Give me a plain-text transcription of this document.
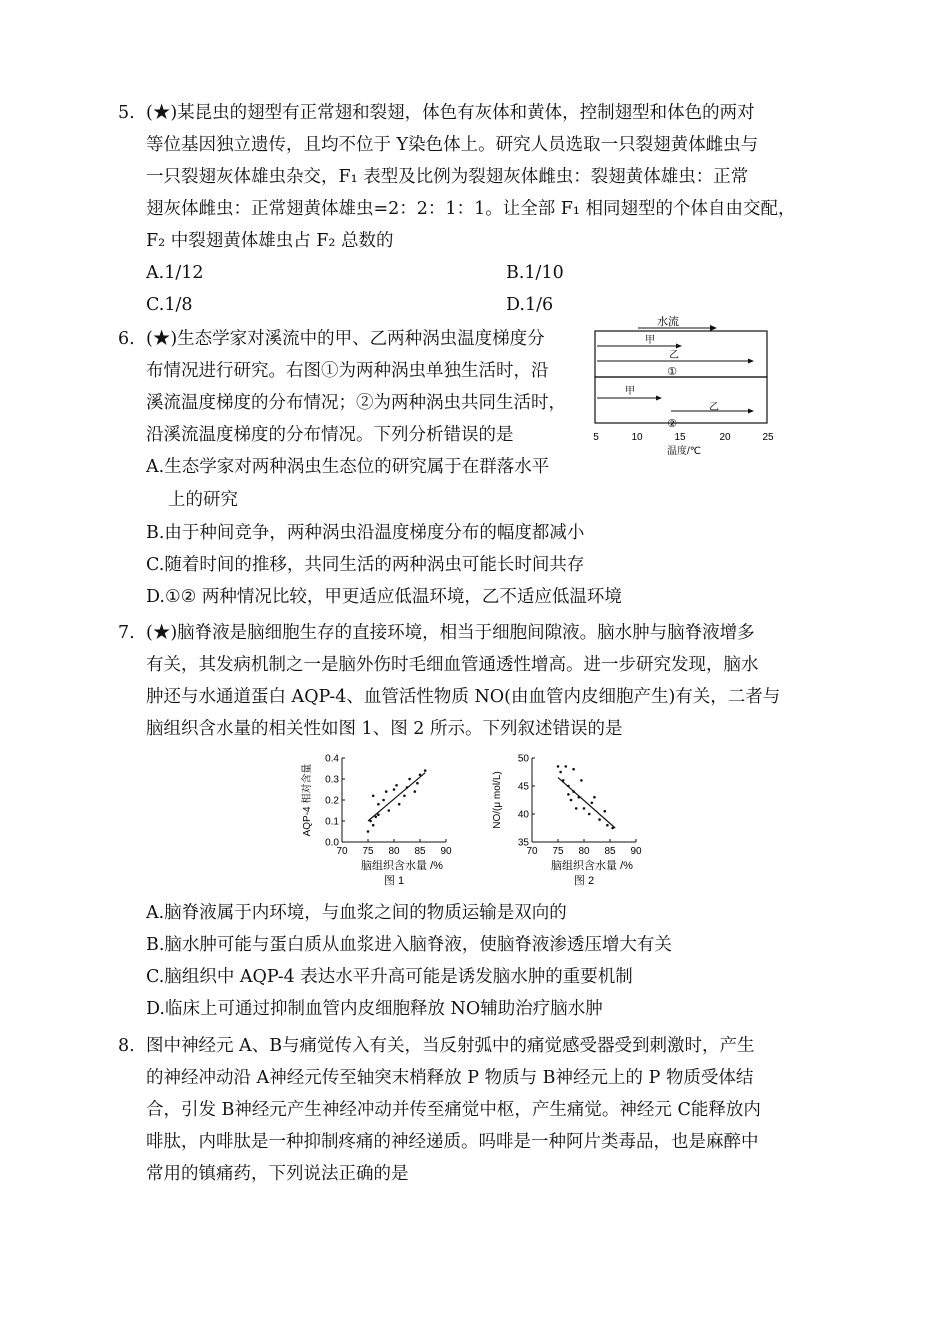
5. (★)某昆虫的翅型有正常翅和裂翅，体色有灰体和黄体，控制翅型和体色的两对
等位基因独立遗传，且均不位于 Y染色体上。研究人员选取一只裂翅黄体雌虫与
一只裂翅灰体雄虫杂交，F₁ 表型及比例为裂翅灰体雌虫：裂翅黄体雄虫：正常
翅灰体雌虫：正常翅黄体雄虫=2：2：1：1。让全部 F₁ 相同翅型的个体自由交配，
F₂ 中裂翅黄体雄虫占 F₂ 总数的
A.1/12	B.1/10
C.1/8	D.1/6
6. (★)生态学家对溪流中的甲、乙两种涡虫温度梯度分
布情况进行研究。右图①为两种涡虫单独生活时，沿
溪流温度梯度的分布情况；②为两种涡虫共同生活时，
沿溪流温度梯度的分布情况。下列分析错误的是
A.生态学家对两种涡虫生态位的研究属于在群落水平
上的研究
B.由于种间竞争，两种涡虫沿温度梯度分布的幅度都减小
C.随着时间的推移，共同生活的两种涡虫可能长时间共存
D.①② 两种情况比较，甲更适应低温环境，乙不适应低温环境
水流
甲
乙
①
甲
乙
②
5	10	15	20	25
温度/℃
7. (★)脑脊液是脑细胞生存的直接环境，相当于细胞间隙液。脑水肿与脑脊液增多
有关，其发病机制之一是脑外伤时毛细血管通透性增高。进一步研究发现，脑水
肿还与水通道蛋白 AQP-4、血管活性物质 NO(由血管内皮细胞产生)有关，二者与
脑组织含水量的相关性如图 1、图 2 所示。下列叙述错误的是
A.脑脊液属于内环境，与血浆之间的物质运输是双向的
B.脑水肿可能与蛋白质从血浆进入脑脊液，使脑脊液渗透压增大有关
C.脑组织中 AQP-4 表达水平升高可能是诱发脑水肿的重要机制
D.临床上可通过抑制血管内皮细胞释放 NO辅助治疗脑水肿
70 75 80 85 90
0.0
0.1
0.2
0.3
0.4
AQP-4 相对含量
脑组织含水量 /%
图 1
70 75 80 85 90
35
40
45
50
NO/(μ mol/L)
脑组织含水量 /%
图 2
8. 图中神经元 A、B与痛觉传入有关，当反射弧中的痛觉感受器受到刺激时，产生
的神经冲动沿 A神经元传至轴突末梢释放 P 物质与 B神经元上的 P 物质受体结
合，引发 B神经元产生神经冲动并传至痛觉中枢，产生痛觉。神经元 C能释放内
啡肽，内啡肽是一种抑制疼痛的神经递质。吗啡是一种阿片类毒品，也是麻醉中
常用的镇痛药，下列说法正确的是
